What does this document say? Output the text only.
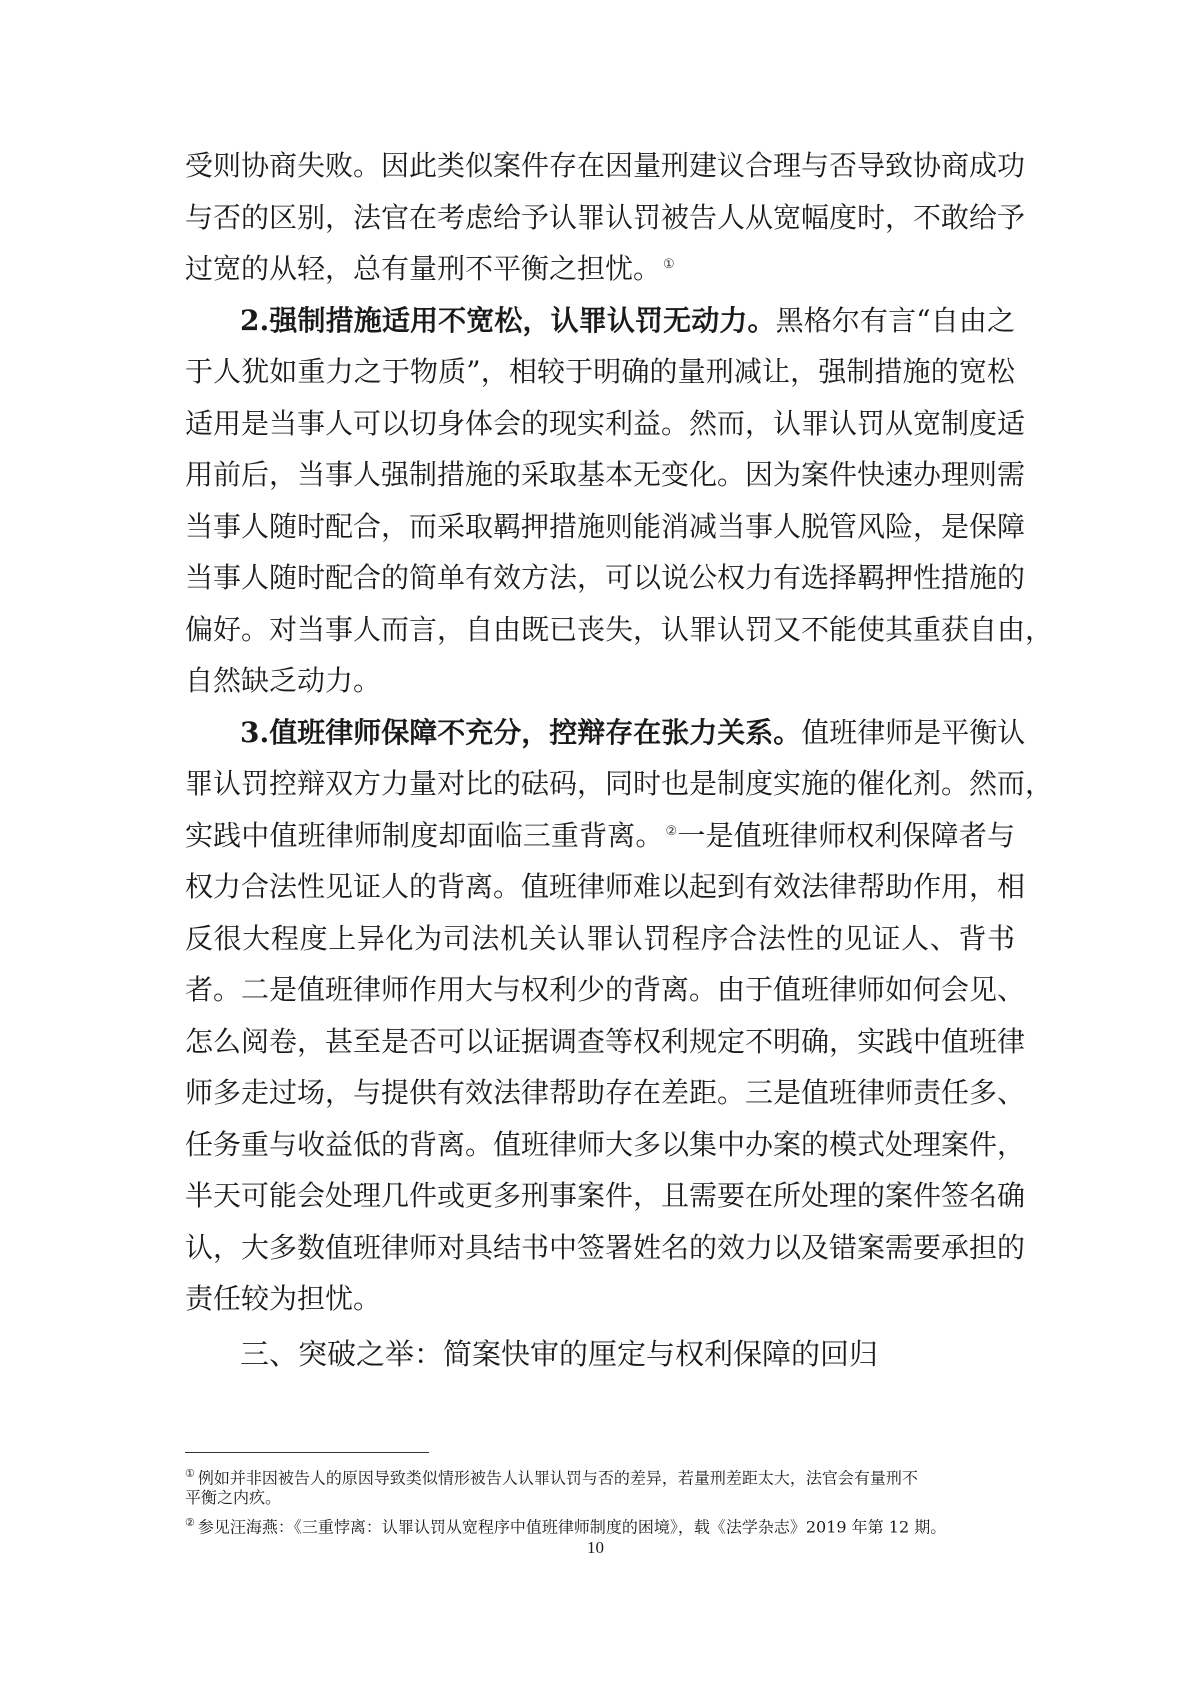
受则协商失败。因此类似案件存在因量刑建议合理与否导致协商成功
与否的区别，法官在考虑给予认罪认罚被告人从宽幅度时，不敢给予
过宽的从轻，总有量刑不平衡之担忧。 ①
2.强制措施适用不宽松，认罪认罚无动力。黑格尔有言“自由之
于人犹如重力之于物质”，相较于明确的量刑减让，强制措施的宽松
适用是当事人可以切身体会的现实利益。然而，认罪认罚从宽制度适
用前后，当事人强制措施的采取基本无变化。因为案件快速办理则需
当事人随时配合，而采取羁押措施则能消减当事人脱管风险，是保障
当事人随时配合的简单有效方法，可以说公权力有选择羁押性措施的
偏好。对当事人而言，自由既已丧失，认罪认罚又不能使其重获自由，
自然缺乏动力。
3.值班律师保障不充分，控辩存在张力关系。值班律师是平衡认
罪认罚控辩双方力量对比的砝码，同时也是制度实施的催化剂。然而，
实践中值班律师制度却面临三重背离。 ②一是值班律师权利保障者与
权力合法性见证人的背离。值班律师难以起到有效法律帮助作用，相
反很大程度上异化为司法机关认罪认罚程序合法性的见证人、背书
者。二是值班律师作用大与权利少的背离。由于值班律师如何会见、
怎么阅卷，甚至是否可以证据调查等权利规定不明确，实践中值班律
师多走过场，与提供有效法律帮助存在差距。三是值班律师责任多、
任务重与收益低的背离。值班律师大多以集中办案的模式处理案件，
半天可能会处理几件或更多刑事案件，且需要在所处理的案件签名确
认，大多数值班律师对具结书中签署姓名的效力以及错案需要承担的
责任较为担忧。
三、突破之举：简案快审的厘定与权利保障的回归
① 例如并非因被告人的原因导致类似情形被告人认罪认罚与否的差异，若量刑差距太大，法官会有量刑不
平衡之内疚。
② 参见汪海燕：《三重悖离：认罪认罚从宽程序中值班律师制度的困境》，载《法学杂志》2019 年第 12 期。
10
